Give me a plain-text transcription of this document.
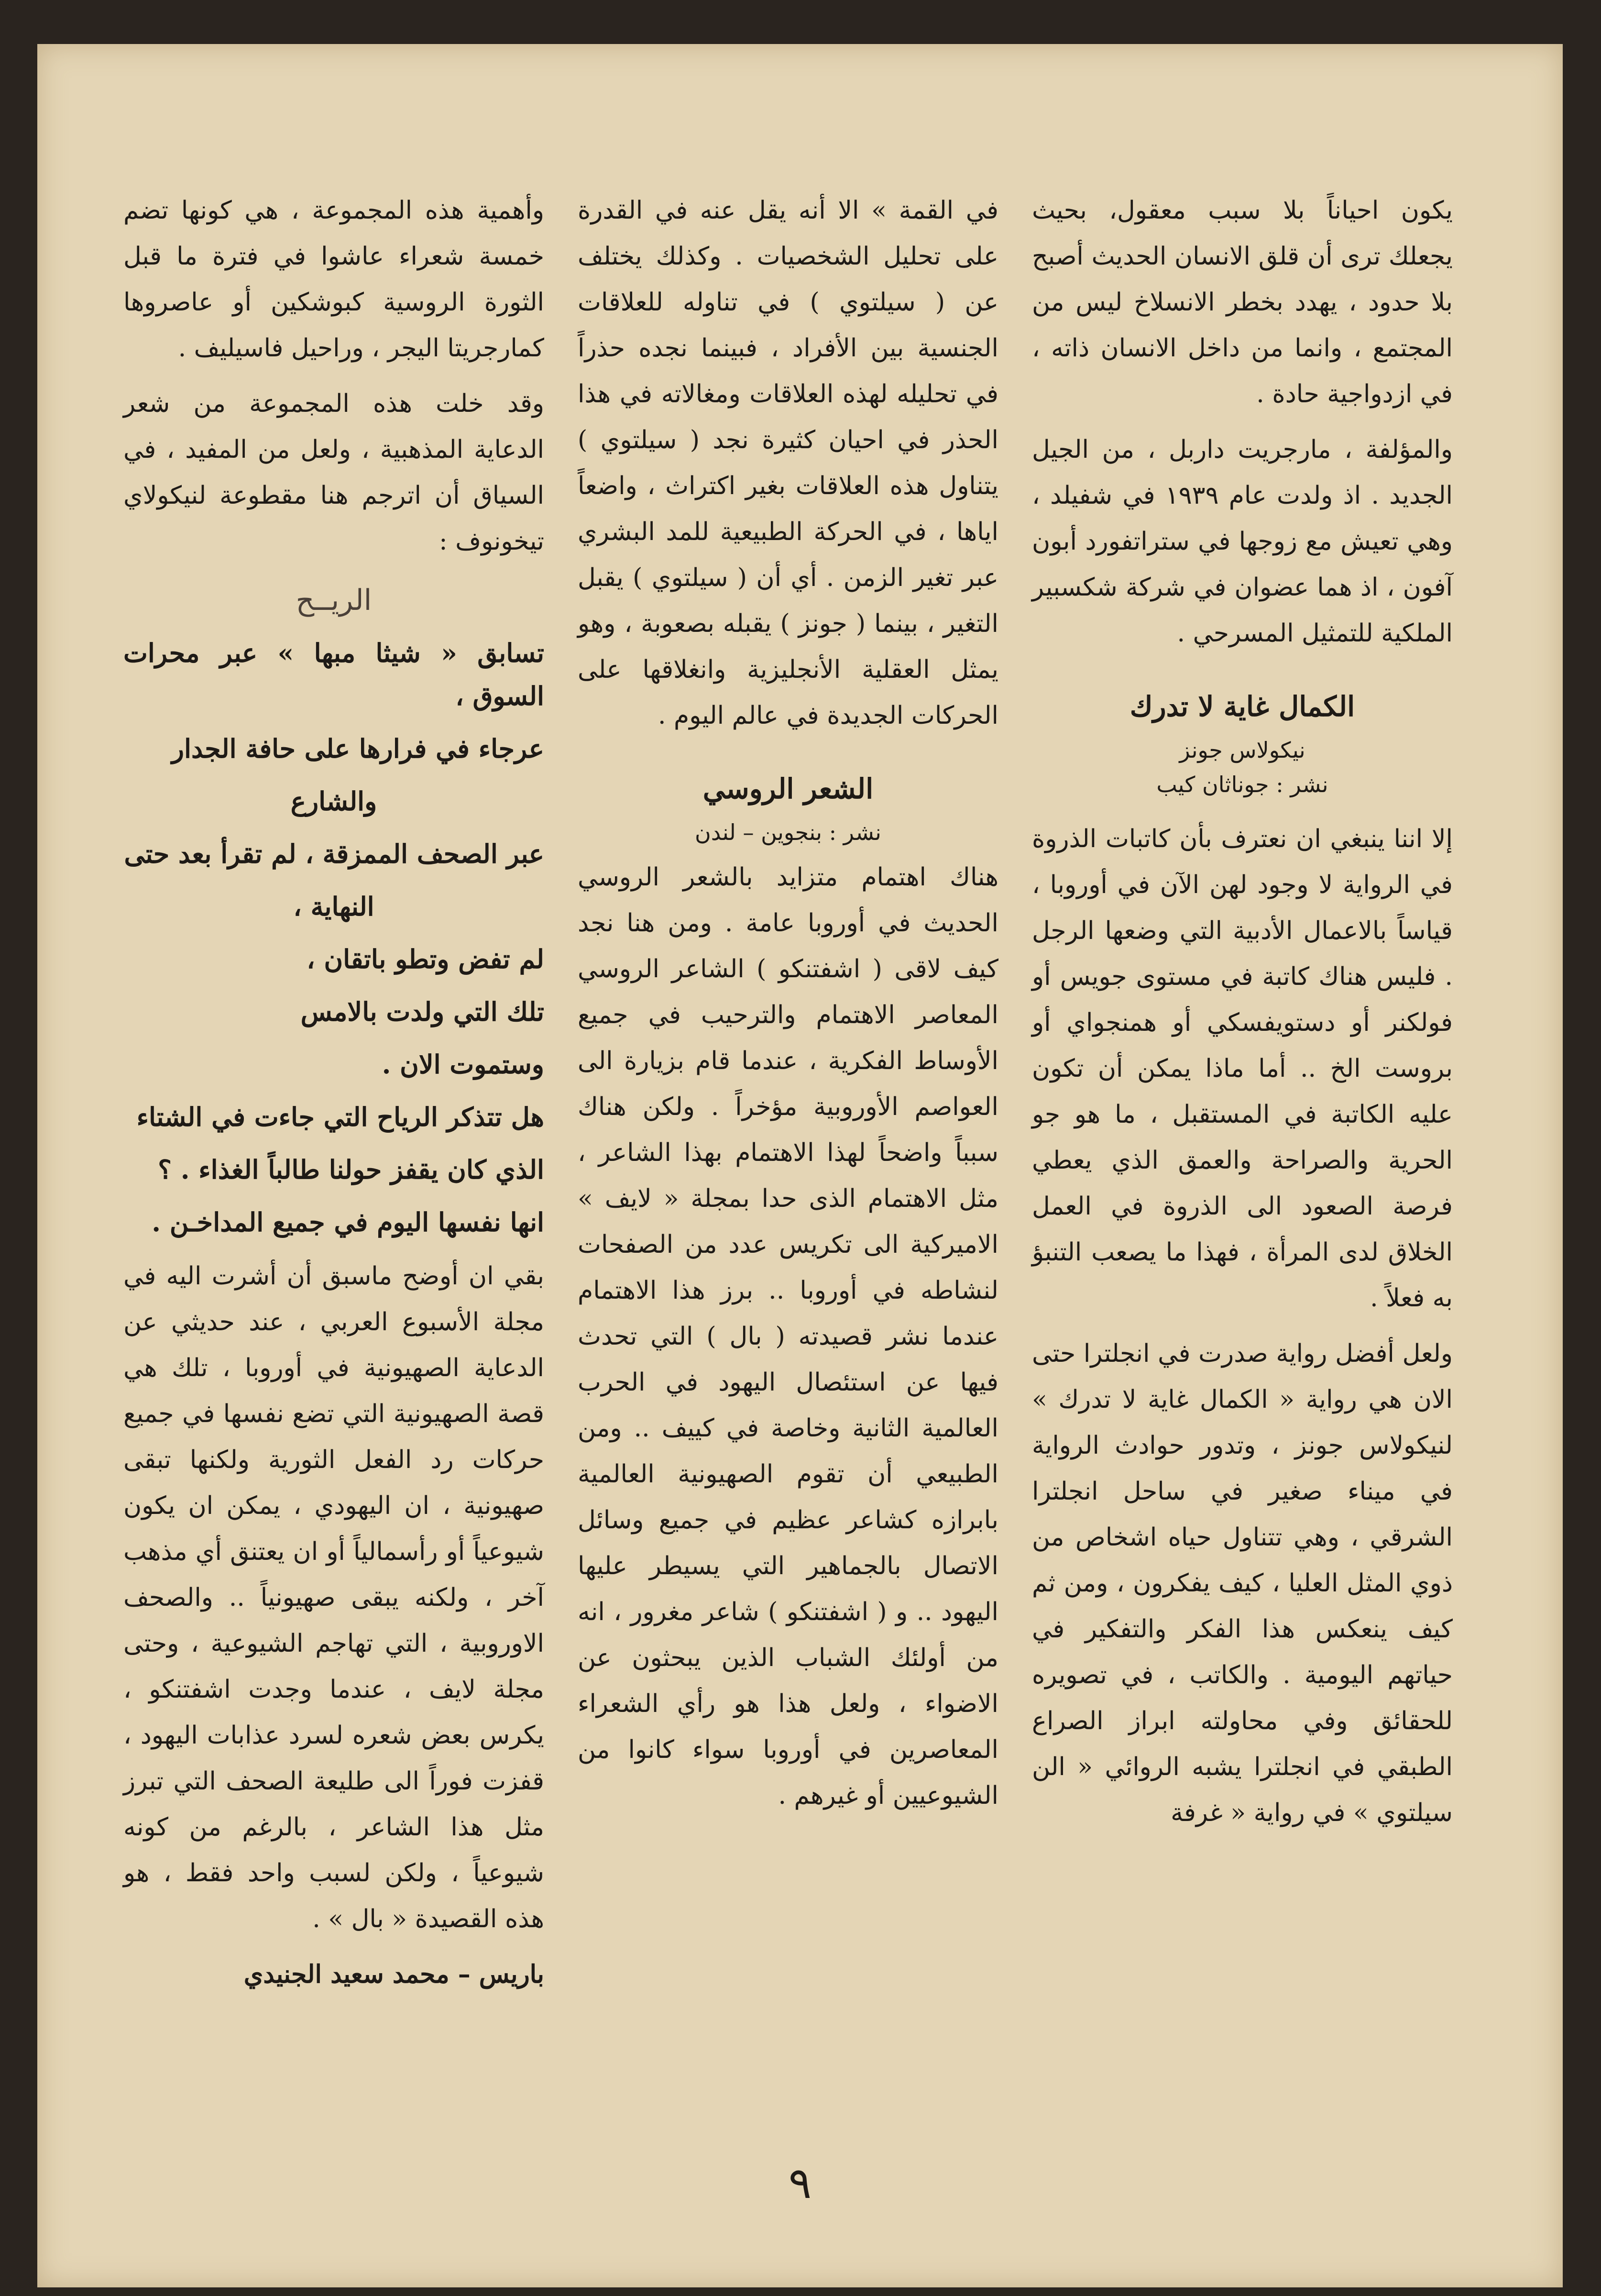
يكون احياناً بلا سبب معقول، بحيث يجعلك ترى أن قلق الانسان الحديث أصبح بلا حدود ، يهدد بخطر الانسلاخ ليس من المجتمع ، وانما من داخل الانسان ذاته ، في ازدواجية حادة .

والمؤلفة ، مارجريت داربل ، من الجيل الجديد . اذ ولدت عام ١٩٣٩ في شفيلد ، وهي تعيش مع زوجها في ستراتفورد أبون آفون ، اذ هما عضوان في شركة شكسبير الملكية للتمثيل المسرحي .

الكمال غاية لا تدرك
نيكولاس جونز
نشر : جوناثان كيب

إلا اننا ينبغي ان نعترف بأن كاتبات الذروة في الرواية لا وجود لهن الآن في أوروبا ، قياساً بالاعمال الأدبية التي وضعها الرجل . فليس هناك كاتبة في مستوى جويس أو فولكنر أو دستويفسكي أو همنجواي أو بروست الخ .. أما ماذا يمكن أن تكون عليه الكاتبة في المستقبل ، ما هو جو الحرية والصراحة والعمق الذي يعطي فرصة الصعود الى الذروة في العمل الخلاق لدى المرأة ، فهذا ما يصعب التنبؤ به فعلاً .

ولعل أفضل رواية صدرت في انجلترا حتى الان هي رواية « الكمال غاية لا تدرك » لنيكولاس جونز ، وتدور حوادث الرواية في ميناء صغير في ساحل انجلترا الشرقي ، وهي تتناول حياه اشخاص من ذوي المثل العليا ، كيف يفكرون ، ومن ثم كيف ينعكس هذا الفكر والتفكير في حياتهم اليومية . والكاتب ، في تصويره للحقائق وفي محاولته ابراز الصراع الطبقي في انجلترا يشبه الروائي « الن سيلتوي » في رواية « غرفة

في القمة » الا أنه يقل عنه في القدرة على تحليل الشخصيات . وكذلك يختلف عن ( سيلتوي ) في تناوله للعلاقات الجنسية بين الأفراد ، فبينما نجده حذراً في تحليله لهذه العلاقات ومغالاته في هذا الحذر في احيان كثيرة نجد ( سيلتوي ) يتناول هذه العلاقات بغير اكتراث ، واضعاً اياها ، في الحركة الطبيعية للمد البشري عبر تغير الزمن . أي أن ( سيلتوي ) يقبل التغير ، بينما ( جونز ) يقبله بصعوبة ، وهو يمثل العقلية الأنجليزية وانغلاقها على الحركات الجديدة في عالم اليوم .

الشعر الروسي
نشر : بنجوين – لندن

هناك اهتمام متزايد بالشعر الروسي الحديث في أوروبا عامة . ومن هنا نجد كيف لاقى ( اشفتنكو ) الشاعر الروسي المعاصر الاهتمام والترحيب في جميع الأوساط الفكرية ، عندما قام بزيارة الى العواصم الأوروبية مؤخراً . ولكن هناك سبباً واضحاً لهذا الاهتمام بهذا الشاعر ، مثل الاهتمام الذى حدا بمجلة « لايف » الاميركية الى تكريس عدد من الصفحات لنشاطه في أوروبا .. برز هذا الاهتمام عندما نشر قصيدته ( بال ) التي تحدث فيها عن استئصال اليهود في الحرب العالمية الثانية وخاصة في كييف .. ومن الطبيعي أن تقوم الصهيونية العالمية بابرازه كشاعر عظيم في جميع وسائل الاتصال بالجماهير التي يسيطر عليها اليهود .. و ( اشفتنكو ) شاعر مغرور ، انه من أولئك الشباب الذين يبحثون عن الاضواء ، ولعل هذا هو رأي الشعراء المعاصرين في أوروبا سواء كانوا من الشيوعيين أو غيرهم .

وأهمية هذه المجموعة ، هي كونها تضم خمسة شعراء عاشوا في فترة ما قبل الثورة الروسية كبوشكين أو عاصروها كمارجريتا اليجر ، وراحيل فاسيليف .

وقد خلت هذه المجموعة من شعر الدعاية المذهبية ، ولعل من المفيد ، في السياق أن اترجم هنا مقطوعة لنيكولاي تيخونوف :

الريــح

تسابق « شيثا مبها » عبر محرات السوق ،

عرجاء في فرارها على حافة الجدار

والشارع

عبر الصحف الممزقة ، لم تقرأ بعد حتى

النهاية ،

لم تفض وتطو باتقان ،

تلك التي ولدت بالامس

وستموت الان .

هل تتذكر الرياح التي جاءت في الشتاء

الذي كان يقفز حولنا طالباً الغذاء . ؟

انها نفسها اليوم في جميع المداخـن .

بقي ان أوضح ماسبق أن أشرت اليه في مجلة الأسبوع العربي ، عند حديثي عن الدعاية الصهيونية في أوروبا ، تلك هي قصة الصهيونية التي تضع نفسها في جميع حركات رد الفعل الثورية ولكنها تبقى صهيونية ، ان اليهودي ، يمكن ان يكون شيوعياً أو رأسمالياً أو ان يعتنق أي مذهب آخر ، ولكنه يبقى صهيونياً .. والصحف الاوروبية ، التي تهاجم الشيوعية ، وحتى مجلة لايف ، عندما وجدت اشفتنكو ، يكرس بعض شعره لسرد عذابات اليهود ، قفزت فوراً الى طليعة الصحف التي تبرز مثل هذا الشاعر ، بالرغم من كونه شيوعياً ، ولكن لسبب واحد فقط ، هو هذه القصيدة « بال » .

باريس – محمد سعيد الجنيدي
٩
